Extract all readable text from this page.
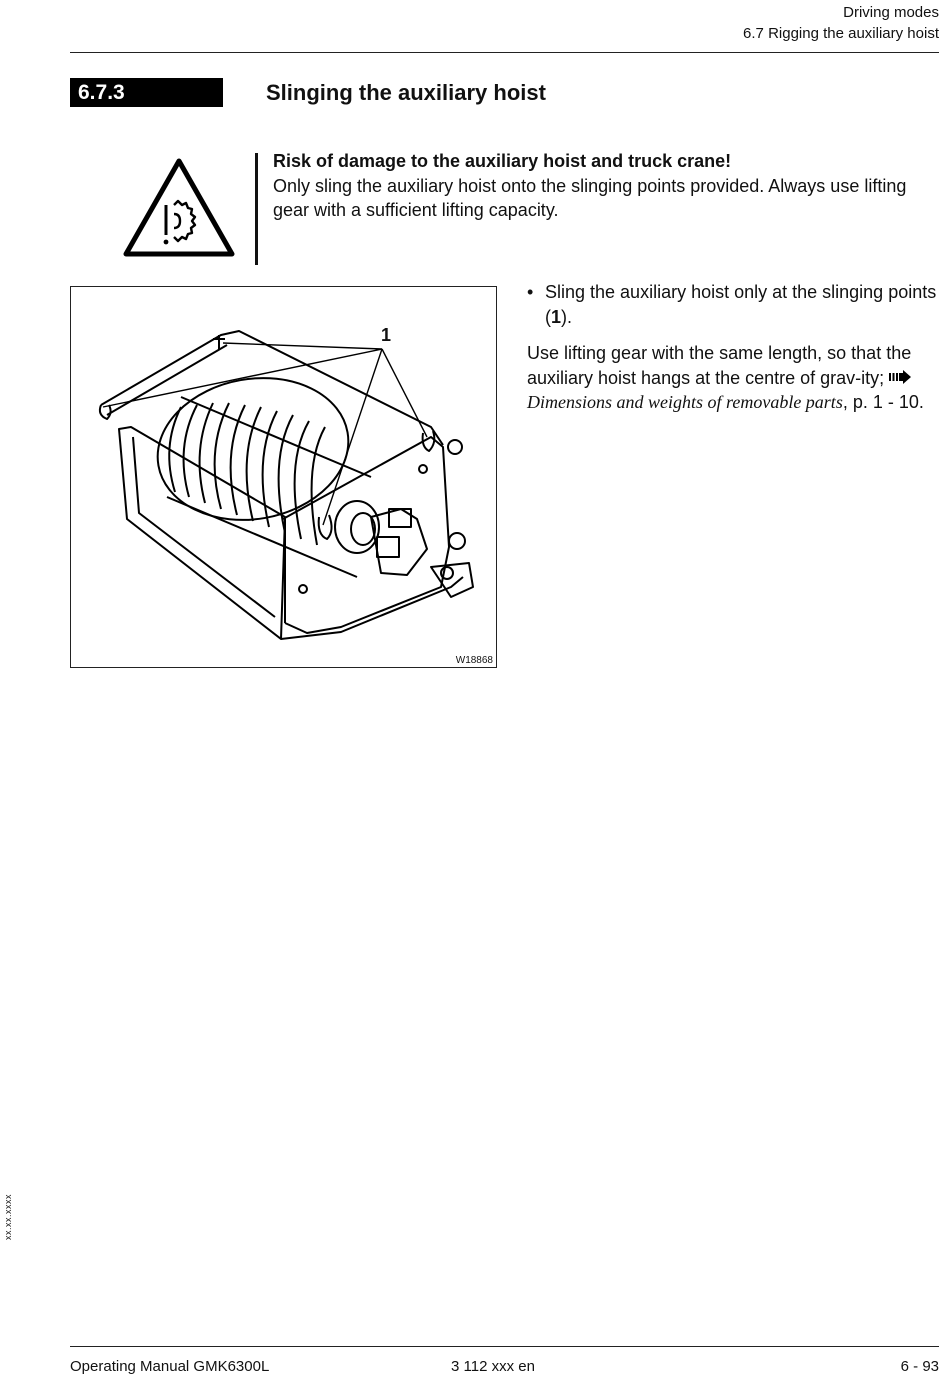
Driving modes
6.7 Rigging the auxiliary hoist
6.7.3	Slinging the auxiliary hoist
Risk of damage to the auxiliary hoist and truck crane!
Only sling the auxiliary hoist onto the slinging points provided. Always use lifting gear with a sufficient lifting capacity.
1
W18868
• Sling the auxiliary hoist only at the slinging points (1).

Use lifting gear with the same length, so that the auxiliary hoist hangs at the centre of grav-ity; Dimensions and weights of removable parts, p. 1 - 10.

xx.xx.xxxx
Operating Manual GMK6300L	3 112 xxx en	6 - 93
